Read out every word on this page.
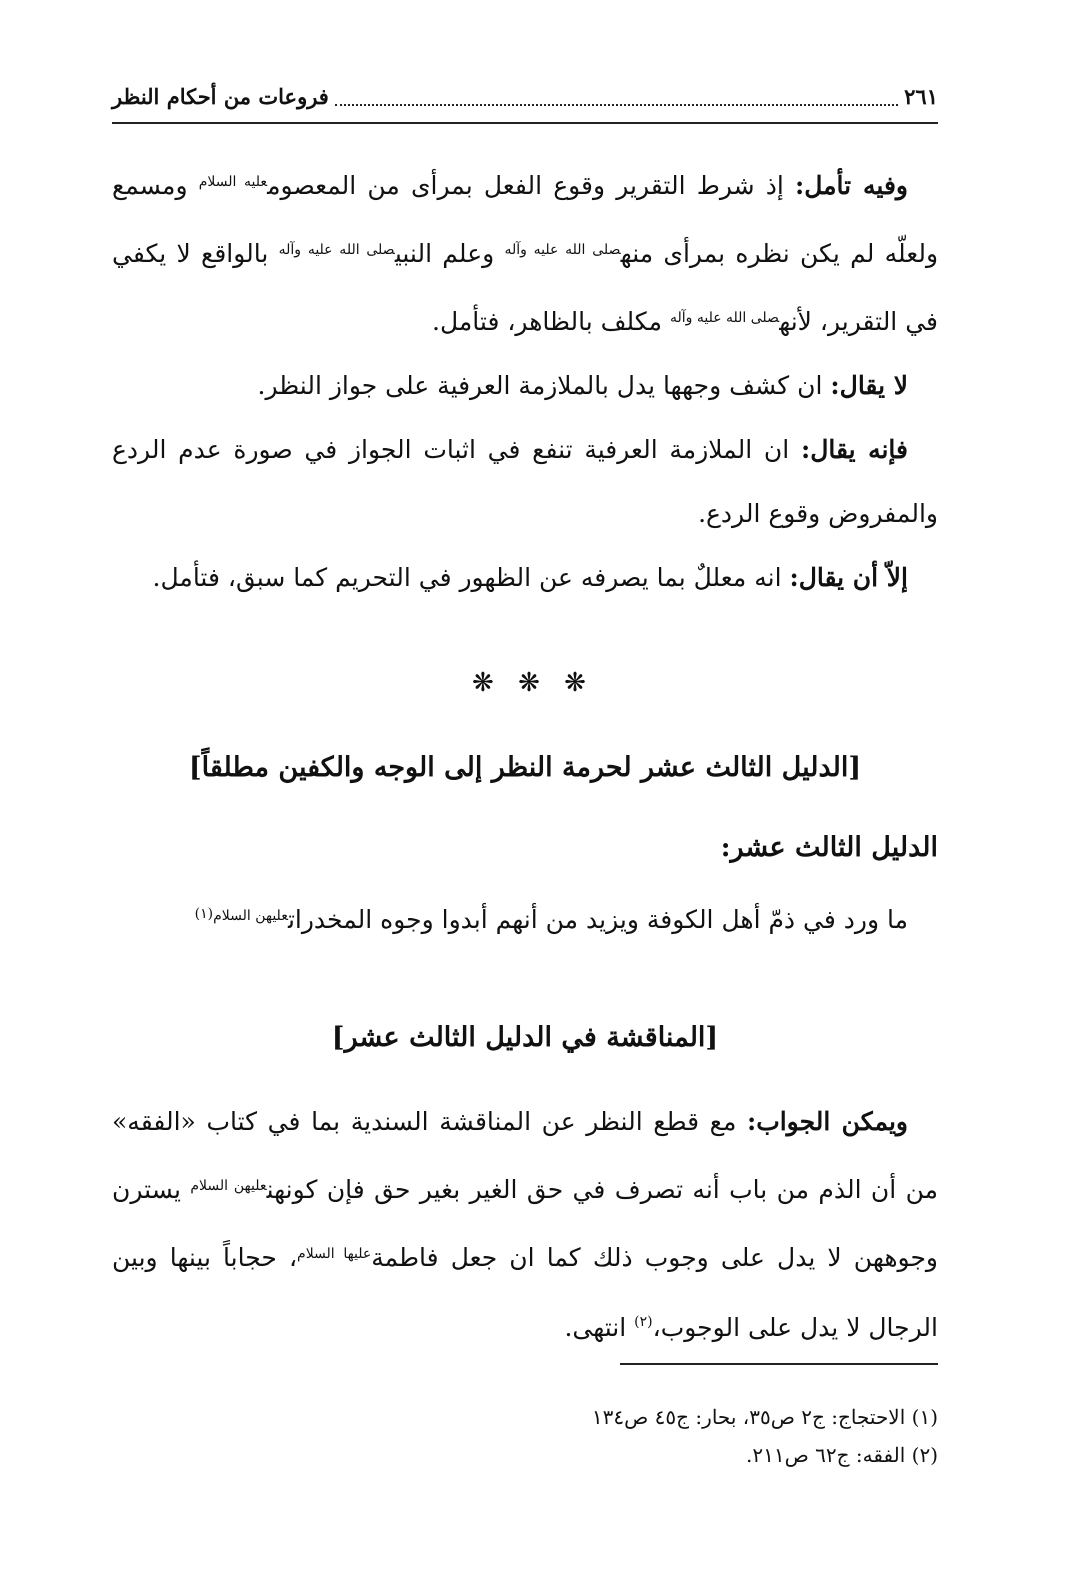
٢٦١
فروعات من أحكام النظر

وفيه تأمل: إذ شرط التقرير وقوع الفعل بمرأى من المعصوم$^{عليه السلام}$ ومسمع ولعلّه لم يكن نظره بمرأى منه$^{صلى الله عليه وآله}$ وعلم النبي$^{صلى الله عليه وآله}$ بالواقع لا يكفي في التقرير، لأنه$^{صلى الله عليه وآله}$ مكلف بالظاهر، فتأمل.

لا يقال: ان كشف وجهها يدل بالملازمة العرفية على جواز النظر.

فإنه يقال: ان الملازمة العرفية تنفع في اثبات الجواز في صورة عدم الردع والمفروض وقوع الردع.

إلاّ أن يقال: انه معللٌ بما يصرفه عن الظهور في التحريم كما سبق، فتأمل.

❋ ❋ ❋
[الدليل الثالث عشر لحرمة النظر إلى الوجه والكفين مطلقاً]
الدليل الثالث عشر:

ما ورد في ذمّ أهل الكوفة ويزيد من أنهم أبدوا وجوه المخدرات$^{عليهن السلام(١)}$

[المناقشة في الدليل الثالث عشر]

ويمكن الجواب: مع قطع النظر عن المناقشة السندية بما في كتاب «الفقه» من أن الذم من باب أنه تصرف في حق الغير بغير حق فإن كونهن$^{عليهن السلام}$ يسترن وجوههن لا يدل على وجوب ذلك كما ان جعل فاطمة$^{عليها السلام}$، حجاباً بينها وبين الرجال لا يدل على الوجوب،$^{(٢)}$ انتهى.

(١) الاحتجاج: ج٢ ص٣٥، بحار: ج٤٥ ص١٣٤

(٢) الفقه: ج٦٢ ص٢١١.
